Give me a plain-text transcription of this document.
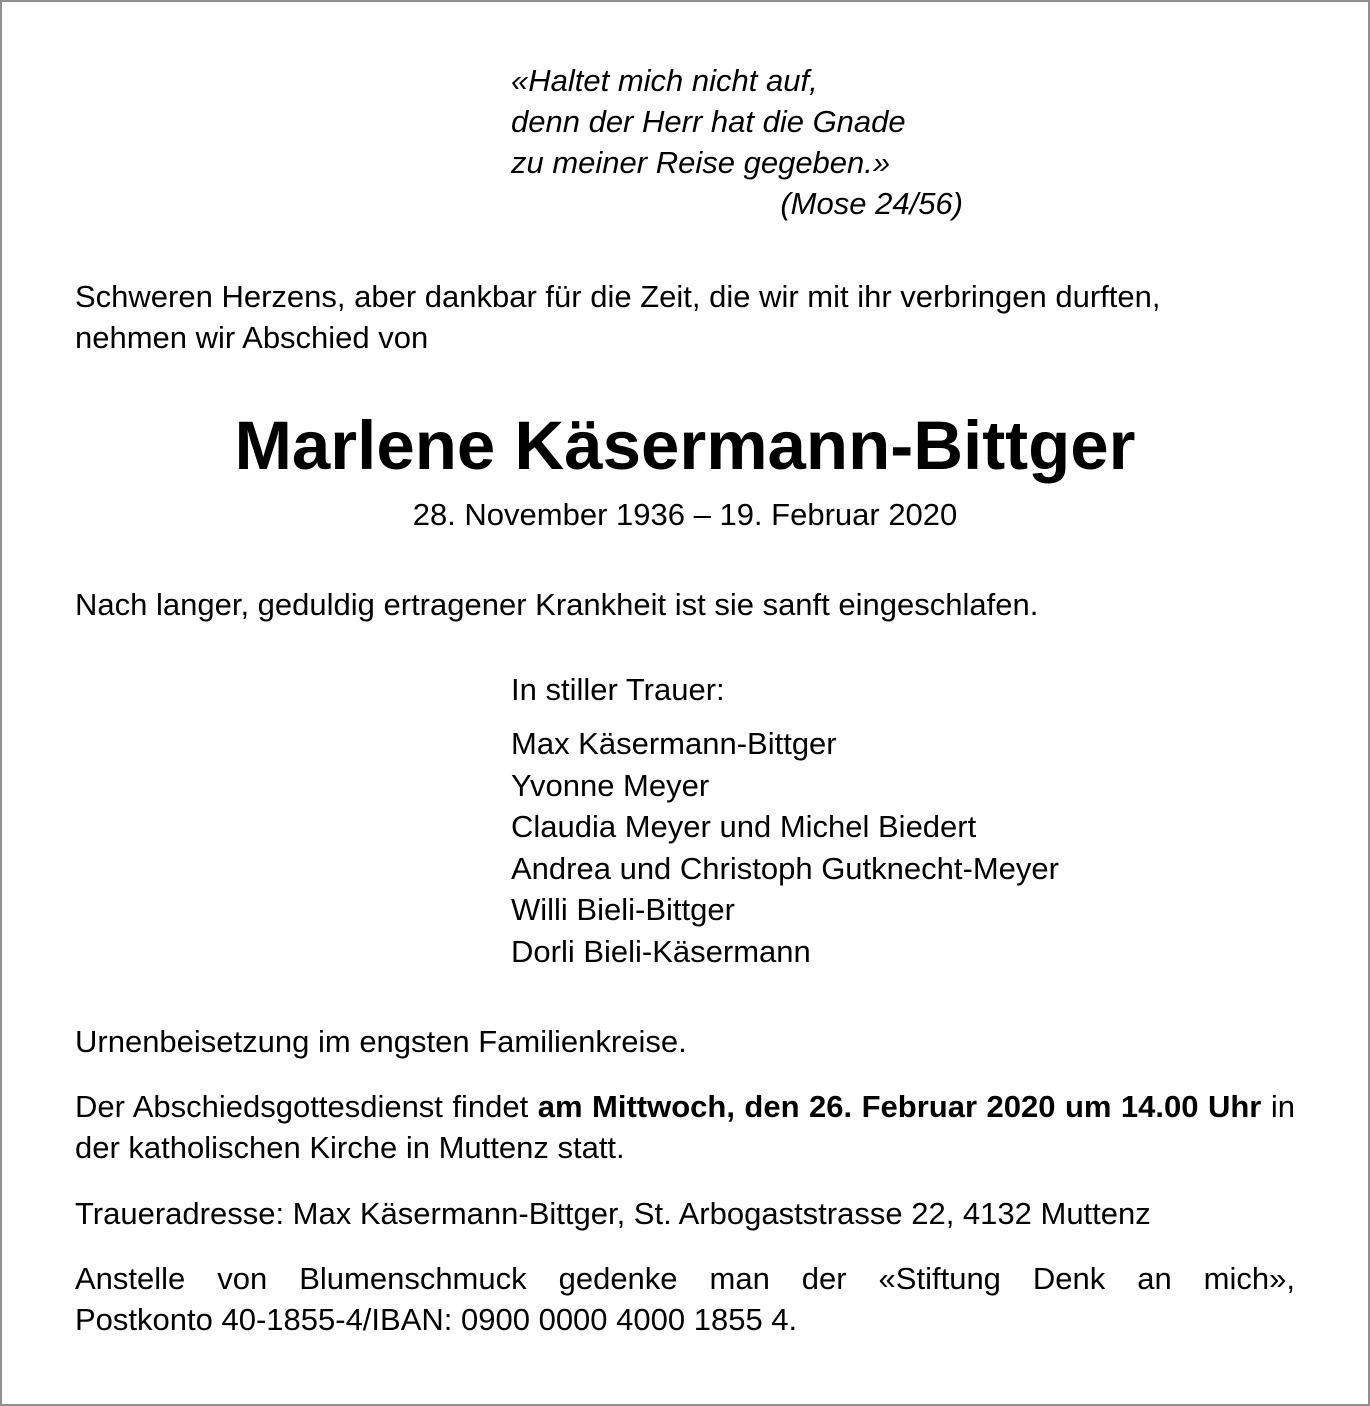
«Haltet mich nicht auf,
denn der Herr hat die Gnade
zu meiner Reise gegeben.»
(Mose 24/56)
Schweren Herzens, aber dankbar für die Zeit, die wir mit ihr verbringen durften,
nehmen wir Abschied von
Marlene Käsermann-Bittger
28. November 1936 – 19. Februar 2020
Nach langer, geduldig ertragener Krankheit ist sie sanft eingeschlafen.
In stiller Trauer:
Max Käsermann-Bittger
Yvonne Meyer
Claudia Meyer und Michel Biedert
Andrea und Christoph Gutknecht-Meyer
Willi Bieli-Bittger
Dorli Bieli-Käsermann
Urnenbeisetzung im engsten Familienkreise.
Der Abschiedsgottesdienst findet am Mittwoch, den 26. Februar 2020 um 14.00 Uhr in der katholischen Kirche in Muttenz statt.
Traueradresse: Max Käsermann-Bittger, St. Arbogaststrasse 22, 4132 Muttenz
Anstelle von Blumenschmuck gedenke man der «Stiftung Denk an mich»,
Postkonto 40-1855-4/IBAN: 0900 0000 4000 1855 4.
